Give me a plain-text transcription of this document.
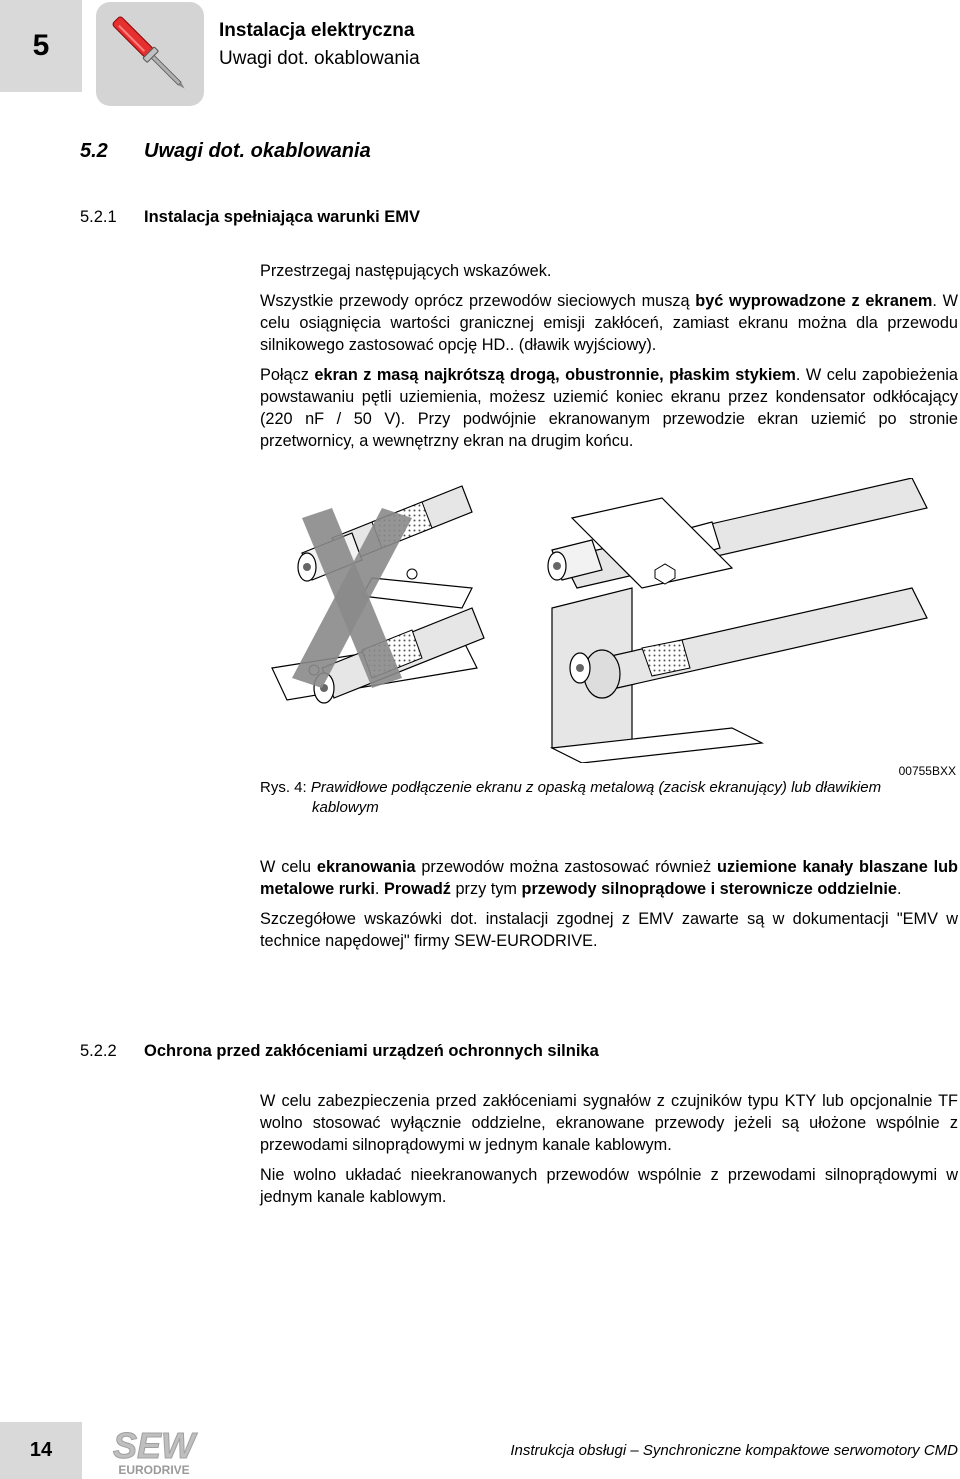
5	Instalacja elektryczna
Uwagi dot. okablowania
5.2 Uwagi dot. okablowania
5.2.1 Instalacja spełniająca warunki EMV

Przestrzegaj następujących wskazówek.

Wszystkie przewody oprócz przewodów sieciowych muszą być wyprowadzone z ekranem. W celu osiągnięcia wartości granicznej emisji zakłóceń, zamiast ekranu można dla przewodu silnikowego zastosować opcję HD.. (dławik wyjściowy).

Połącz ekran z masą najkrótszą drogą, obustronnie, płaskim stykiem. W celu zapobieżenia powstawaniu pętli uziemienia, możesz uziemić koniec ekranu przez kondensator odkłócający (220 nF / 50 V). Przy podwójnie ekranowanym przewodzie ekran uziemić po stronie przetwornicy, a wewnętrzny ekran na drugim końcu.

00755BXX
Rys. 4: Prawidłowe podłączenie ekranu z opaską metalową (zacisk ekranujący) lub dławikiem
kablowym

W celu ekranowania przewodów można zastosować również uziemione kanały blaszane lub metalowe rurki. Prowadź przy tym przewody silnoprądowe i sterownicze oddzielnie.

Szczegółowe wskazówki dot. instalacji zgodnej z EMV zawarte są w dokumentacji "EMV w technice napędowej" firmy SEW-EURODRIVE.

5.2.2 Ochrona przed zakłóceniami urządzeń ochronnych silnika

W celu zabezpieczenia przed zakłóceniami sygnałów z czujników typu KTY lub opcjonalnie TF wolno stosować wyłącznie oddzielne, ekranowane przewody jeżeli są ułożone wspólnie z przewodami silnoprądowymi w jednym kanale kablowym.

Nie wolno układać nieekranowanych przewodów wspólnie z przewodami silnoprądowymi w jednym kanale kablowym.

14	SEW
EURODRIVE
Instrukcja obsługi – Synchroniczne kompaktowe serwomotory CMD
